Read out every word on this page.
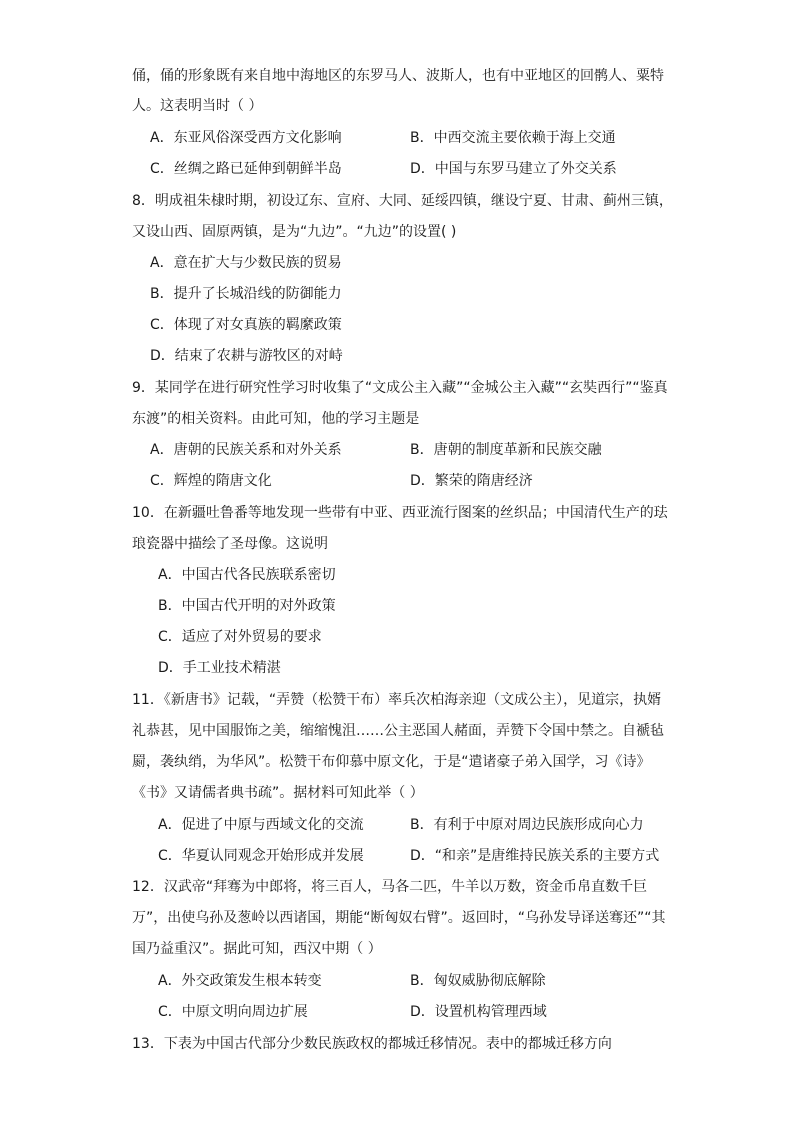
俑，俑的形象既有来自地中海地区的东罗马人、波斯人，也有中亚地区的回鹘人、粟特
人。这表明当时（ ）
A．东亚风俗深受西方文化影响	B．中西交流主要依赖于海上交通
C．丝绸之路已延伸到朝鲜半岛	D．中国与东罗马建立了外交关系
8．明成祖朱棣时期，初设辽东、宣府、大同、延绥四镇，继设宁夏、甘肃、蓟州三镇，
又设山西、固原两镇，是为“九边”。“九边”的设置( )
A．意在扩大与少数民族的贸易
B．提升了长城沿线的防御能力
C．体现了对女真族的羁縻政策
D．结束了农耕与游牧区的对峙
9．某同学在进行研究性学习时收集了“文成公主入藏”“金城公主入藏”“玄奘西行”“鉴真
东渡”的相关资料。由此可知，他的学习主题是
A．唐朝的民族关系和对外关系	B．唐朝的制度革新和民族交融
C．辉煌的隋唐文化	D．繁荣的隋唐经济
10．在新疆吐鲁番等地发现一些带有中亚、西亚流行图案的丝织品；中国清代生产的珐
琅瓷器中描绘了圣母像。这说明
A．中国古代各民族联系密切
B．中国古代开明的对外政策
C．适应了对外贸易的要求
D．手工业技术精湛
11．《新唐书》记载，“弄赞（松赞干布）率兵次柏海亲迎（文成公主），见道宗，执婿
礼恭甚，见中国服饰之美，缩缩愧沮……公主恶国人赭面，弄赞下令国中禁之。自褫毡
罽，袭纨绡，为华风”。松赞干布仰慕中原文化，于是“遣诸豪子弟入国学，习《诗》
《书》又请儒者典书疏”。据材料可知此举（ ）
A．促进了中原与西域文化的交流	B．有利于中原对周边民族形成向心力
C．华夏认同观念开始形成并发展	D．“和亲”是唐维持民族关系的主要方式
12．汉武帝“拜骞为中郎将，将三百人，马各二匹，牛羊以万数，资金币帛直数千巨
万”，出使乌孙及葱岭以西诸国，期能“断匈奴右臂”。返回时，“乌孙发导译送骞还”“其
国乃益重汉”。据此可知，西汉中期（ ）
A．外交政策发生根本转变	B．匈奴威胁彻底解除
C．中原文明向周边扩展	D．设置机构管理西域
13．下表为中国古代部分少数民族政权的都城迁移情况。表中的都城迁移方向
